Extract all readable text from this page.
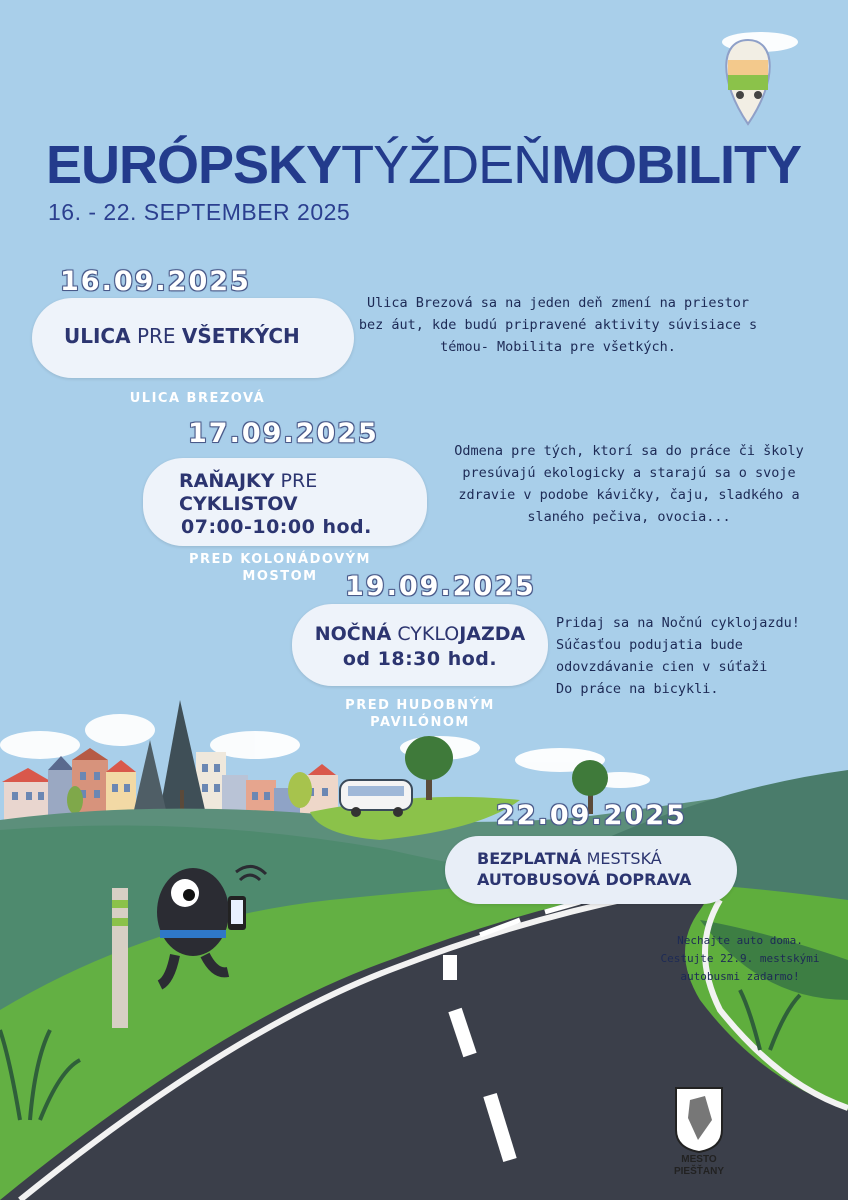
EURÓPSKYTÝŽDEŇMOBILITY
16. - 22. SEPTEMBER 2025
16.09.2025
ULICA PRE VŠETKÝCH
ULICA BREZOVÁ
Ulica Brezová sa na jeden deň zmení na priestor
bez áut, kde budú pripravené aktivity súvisiace s
témou- Mobilita pre všetkých.
17.09.2025
RAŇAJKY PRE
CYKLISTOV
07:00-10:00 hod.
PRED KOLONÁDOVÝM
MOSTOM
Odmena pre tých, ktorí sa do práce či školy
presúvajú ekologicky a starajú sa o svoje
zdravie v podobe kávičky, čaju, sladkého a
slaného pečiva, ovocia...
19.09.2025
NOČNÁ CYKLOJAZDA
od 18:30 hod.
PRED HUDOBNÝM
PAVILÓNOM
Pridaj sa na Nočnú cyklojazdu!
Súčasťou podujatia bude
odovzdávanie cien v súťaži
Do práce na bicykli.
22.09.2025
BEZPLATNÁ MESTSKÁ
AUTOBUSOVÁ DOPRAVA
Nechajte auto doma.
Cestujte 22.9. mestskými
autobusmi zadarmo!
MESTO
PIEŠŤANY
